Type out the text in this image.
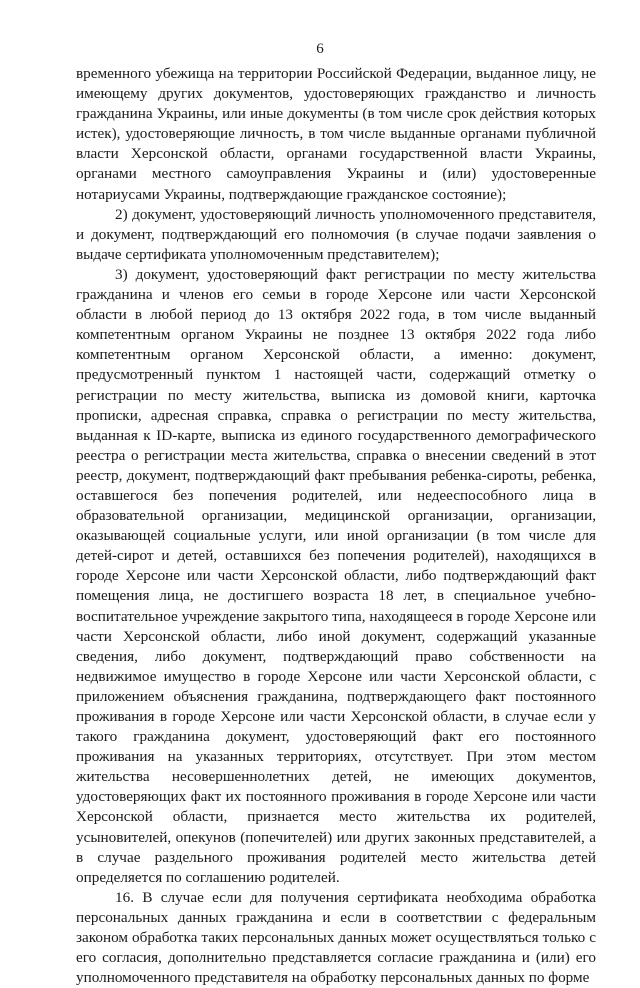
6

временного убежища на территории Российской Федерации, выданное лицу, не имеющему других документов, удостоверяющих гражданство и личность гражданина Украины, или иные документы (в том числе срок действия которых истек), удостоверяющие личность, в том числе выданные органами публичной власти Херсонской области, органами государственной власти Украины, органами местного самоуправления Украины и (или) удостоверенные нотариусами Украины, подтверждающие гражданское состояние);

2) документ, удостоверяющий личность уполномоченного представителя, и документ, подтверждающий его полномочия (в случае подачи заявления о выдаче сертификата уполномоченным представителем);

3) документ, удостоверяющий факт регистрации по месту жительства гражданина и членов его семьи в городе Херсоне или части Херсонской области в любой период до 13 октября 2022 года, в том числе выданный компетентным органом Украины не позднее 13 октября 2022 года либо компетентным органом Херсонской области, а именно: документ, предусмотренный пунктом 1 настоящей части, содержащий отметку о регистрации по месту жительства, выписка из домовой книги, карточка прописки, адресная справка, справка о регистрации по месту жительства, выданная к ID-карте, выписка из единого государственного демографического реестра о регистрации места жительства, справка о внесении сведений в этот реестр, документ, подтверждающий факт пребывания ребенка-сироты, ребенка, оставшегося без попечения родителей, или недееспособного лица в образовательной организации, медицинской организации, организации, оказывающей социальные услуги, или иной организации (в том числе для детей-сирот и детей, оставшихся без попечения родителей), находящихся в городе Херсоне или части Херсонской области, либо подтверждающий факт помещения лица, не достигшего возраста 18 лет, в специальное учебно-воспитательное учреждение закрытого типа, находящееся в городе Херсоне или части Херсонской области, либо иной документ, содержащий указанные сведения, либо документ, подтверждающий право собственности на недвижимое имущество в городе Херсоне или части Херсонской области, с приложением объяснения гражданина, подтверждающего факт постоянного проживания в городе Херсоне или части Херсонской области, в случае если у такого гражданина документ, удостоверяющий факт его постоянного проживания на указанных территориях, отсутствует. При этом местом жительства несовершеннолетних детей, не имеющих документов, удостоверяющих факт их постоянного проживания в городе Херсоне или части Херсонской области, признается место жительства их родителей, усыновителей, опекунов (попечителей) или других законных представителей, а в случае раздельного проживания родителей место жительства детей определяется по соглашению родителей.

16. В случае если для получения сертификата необходима обработка персональных данных гражданина и если в соответствии с федеральным законом обработка таких персональных данных может осуществляться только с его согласия, дополнительно представляется согласие гражданина и (или) его уполномоченного представителя на обработку персональных данных по форме
